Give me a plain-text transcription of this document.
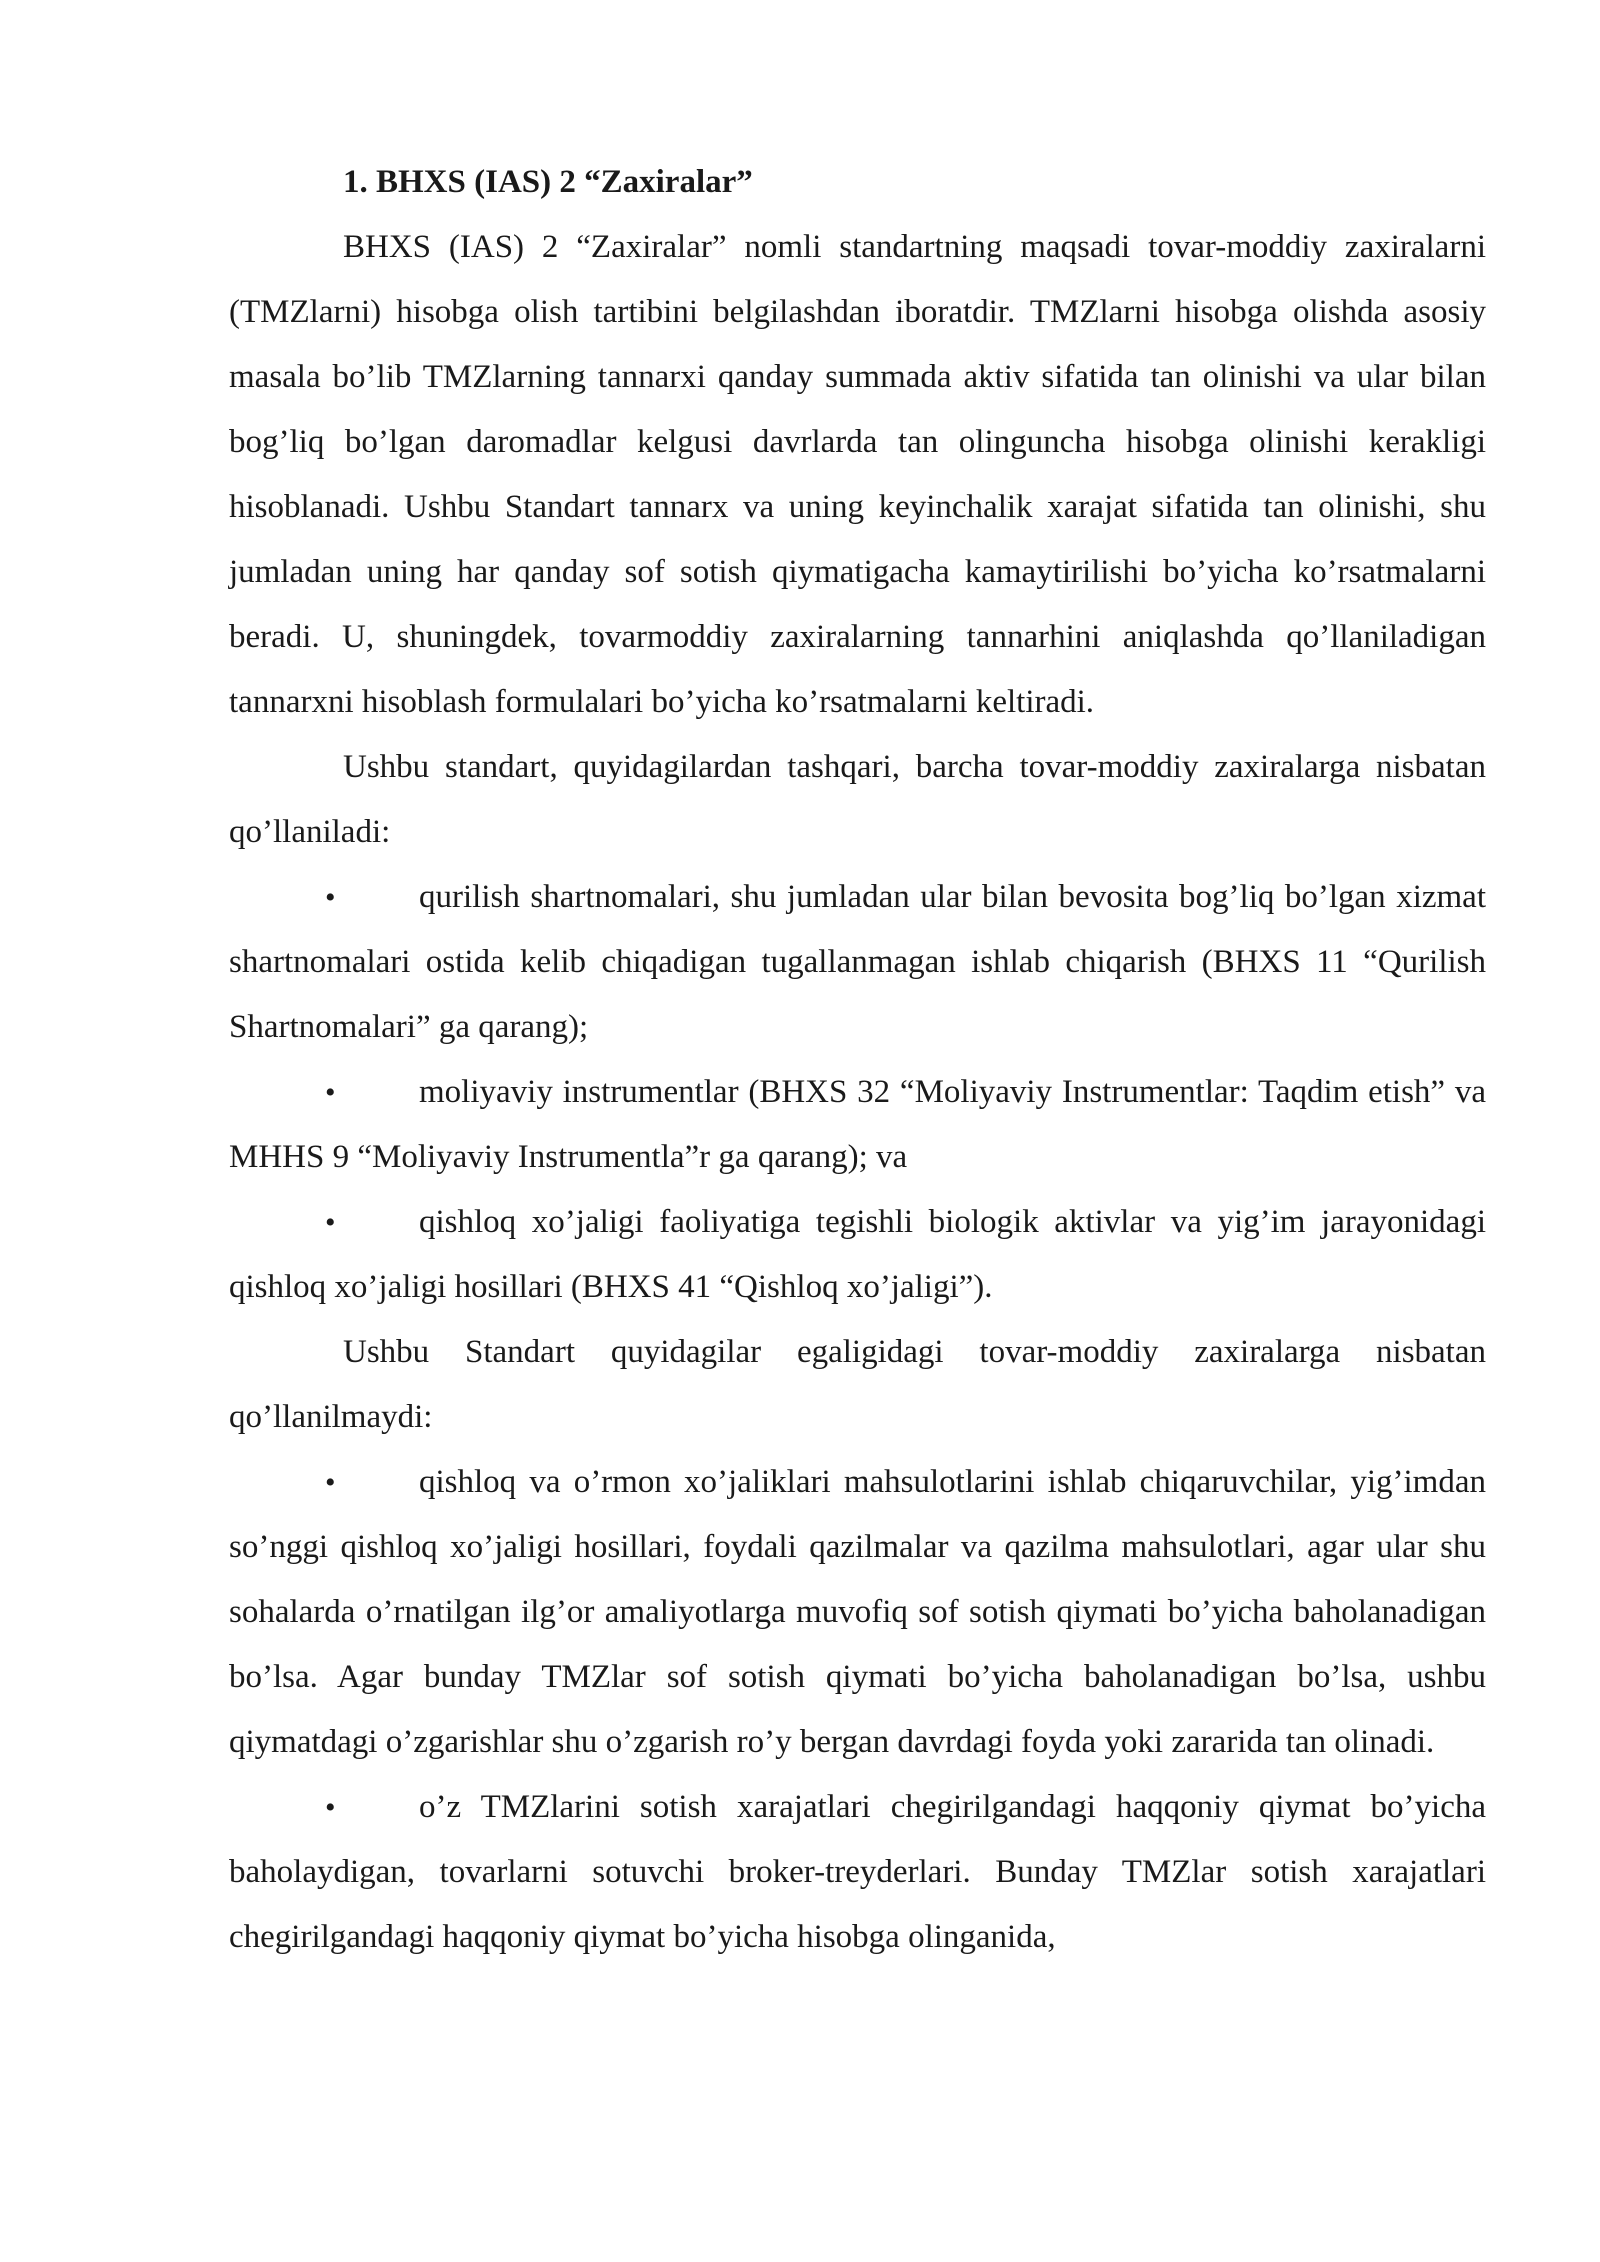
1. BHXS (IAS) 2 “Zaxiralar”

BHXS (IAS) 2 “Zaxiralar” nomli standartning maqsadi tovar-moddiy zaxiralarni (TMZlarni) hisobga olish tartibini belgilashdan iboratdir. TMZlarni hisobga olishda asosiy masala bo’lib TMZlarning tannarxi qanday summada aktiv sifatida tan olinishi va ular bilan bog’liq bo’lgan daromadlar kelgusi davrlarda tan olinguncha hisobga olinishi kerakligi hisoblanadi. Ushbu Standart tannarx va uning keyinchalik xarajat sifatida tan olinishi, shu jumladan uning har qanday sof sotish qiymatigacha kamaytirilishi bo’yicha ko’rsatmalarni beradi. U, shuningdek, tovarmoddiy zaxiralarning tannarhini aniqlashda qo’llaniladigan tannarxni hisoblash formulalari bo’yicha ko’rsatmalarni keltiradi.

Ushbu standart, quyidagilardan tashqari, barcha tovar-moddiy zaxiralarga nisbatan qo’llaniladi:

•	qurilish shartnomalari, shu jumladan ular bilan bevosita bog’liq bo’lgan xizmat shartnomalari ostida kelib chiqadigan tugallanmagan ishlab chiqarish (BHXS 11 “Qurilish Shartnomalari” ga qarang);

•	moliyaviy instrumentlar (BHXS 32 “Moliyaviy Instrumentlar: Taqdim etish” va MHHS 9 “Moliyaviy Instrumentla”r ga qarang); va

•	qishloq xo’jaligi faoliyatiga tegishli biologik aktivlar va yig’im jarayonidagi qishloq xo’jaligi hosillari (BHXS 41 “Qishloq xo’jaligi”).

Ushbu Standart quyidagilar egaligidagi tovar-moddiy zaxiralarga nisbatan qo’llanilmaydi:

•	qishloq va o’rmon xo’jaliklari mahsulotlarini ishlab chiqaruvchilar, yig’imdan so’nggi qishloq xo’jaligi hosillari, foydali qazilmalar va qazilma mahsulotlari, agar ular shu sohalarda o’rnatilgan ilg’or amaliyotlarga muvofiq sof sotish qiymati bo’yicha baholanadigan bo’lsa. Agar bunday TMZlar sof sotish qiymati bo’yicha baholanadigan bo’lsa, ushbu qiymatdagi o’zgarishlar shu o’zgarish ro’y bergan davrdagi foyda yoki zararida tan olinadi.

•	o’z TMZlarini sotish xarajatlari chegirilgandagi haqqoniy qiymat bo’yicha baholaydigan, tovarlarni sotuvchi broker-treyderlari. Bunday TMZlar sotish xarajatlari chegirilgandagi haqqoniy qiymat bo’yicha hisobga olinganida,
